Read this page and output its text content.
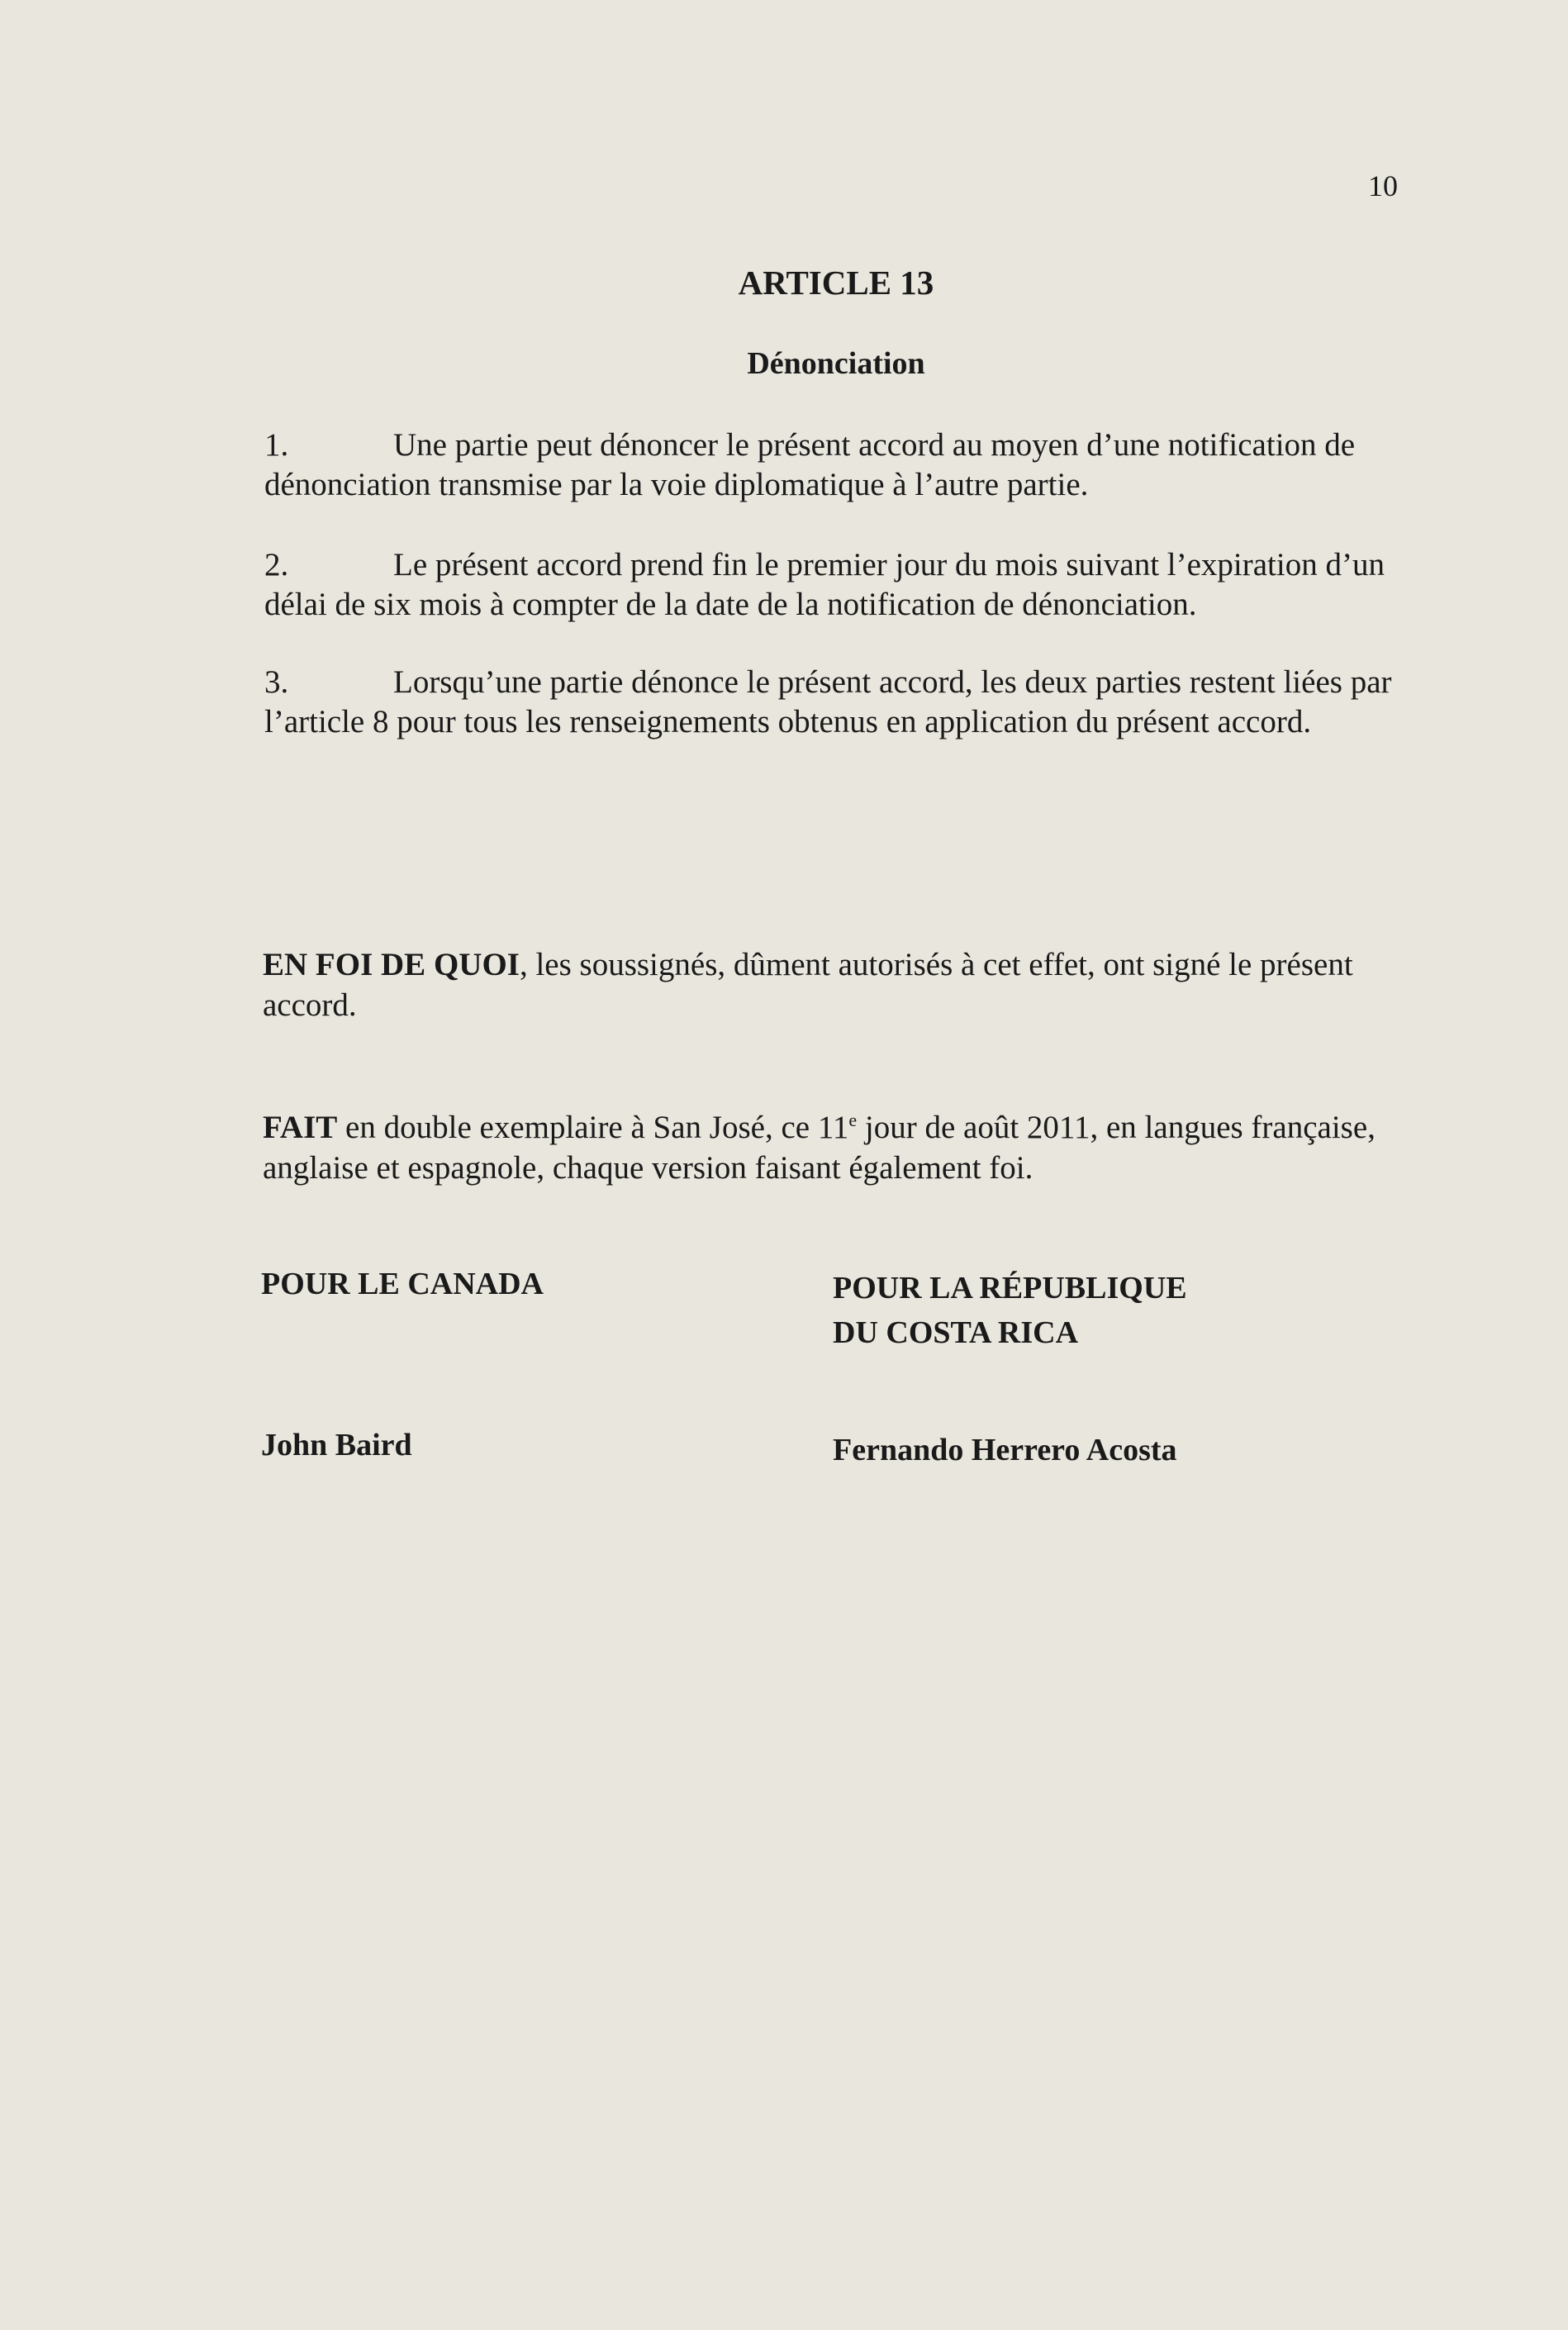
10
ARTICLE 13
Dénonciation
1.	Une partie peut dénoncer le présent accord au moyen d’une notification de dénonciation transmise par la voie diplomatique à l’autre partie.
2.	Le présent accord prend fin le premier jour du mois suivant l’expiration d’un délai de six mois à compter de la date de la notification de dénonciation.
3.	Lorsqu’une partie dénonce le présent accord, les deux parties restent liées par l’article 8 pour tous les renseignements obtenus en application du présent accord.
EN FOI DE QUOI, les soussignés, dûment autorisés à cet effet, ont signé le présent accord.
FAIT en double exemplaire à San José, ce 11e jour de août 2011, en langues française, anglaise et espagnole, chaque version faisant également foi.
POUR LE CANADA	POUR LA RÉPUBLIQUE
DU COSTA RICA
John Baird	Fernando Herrero Acosta
